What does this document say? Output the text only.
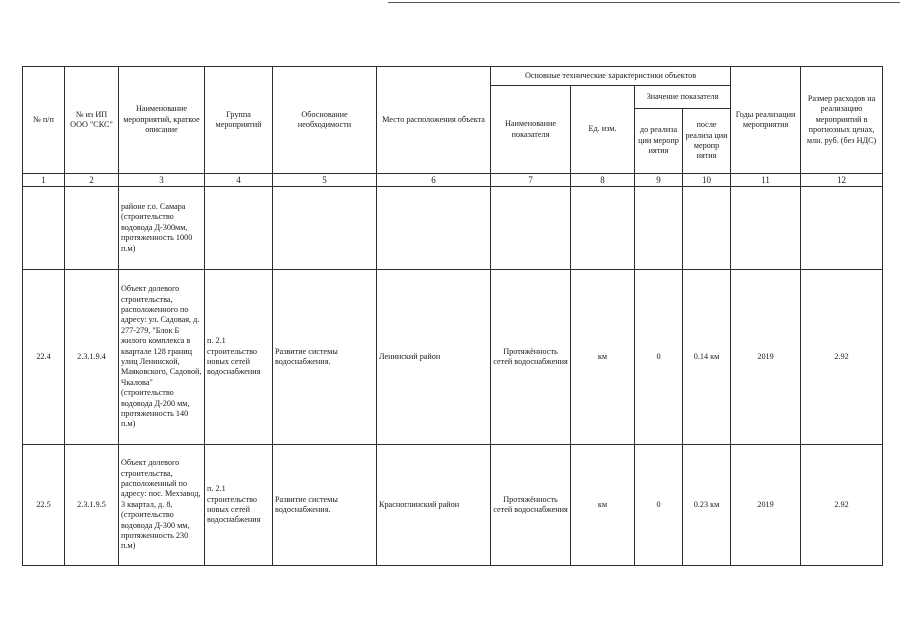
№ п/п	№ из ИП ООО "СКС"	Наименование мероприятий, краткое описание	Группа мероприятий	Обоснование необходимости	Место расположения объекта	Основные технические характеристики объектов				Годы реализации мероприятия	Размер расходов на реализацию мероприятий в прогнозных ценах, млн. руб. (без НДС)
						Наименование показателя	Ед. изм.	Значение показателя			
								до реализа ции меропр иятия	после реализа ции меропр иятия		
1	2	3	4	5	6	7	8	9	10	11	12
		районе г.о. Самара (строительство водовода Д-300мм, протяженность 1000 п.м)									
22.4	2.3.1.9.4	Объект долевого строительства, расположенного по адресу: ул. Садовая, д. 277-279, "Блок Б жилого комплекса в квартале 128 границ улиц Ленинской, Маяковского, Садовой, Чкалова" (строительство водовода Д-200 мм, протяженность 140 п.м)	п. 2.1 строительство новых сетей водоснабжения	Развитие системы водоснабжения.	Ленинский район	Протяжённость сетей водоснабжения	км	0	0.14 км	2019	2.92
22.5	2.3.1.9.5	Объект долевого строительства, расположенный по адресу: пос. Мехзавод, 3 квартал, д. 8, (строительство водовода Д-300 мм, протяженность 230 п.м)	п. 2.1 строительство новых сетей водоснабжения	Развитие системы водоснабжения.	Красноглинский район	Протяжённость сетей водоснабжения	км	0	0.23 км	2019	2.92
